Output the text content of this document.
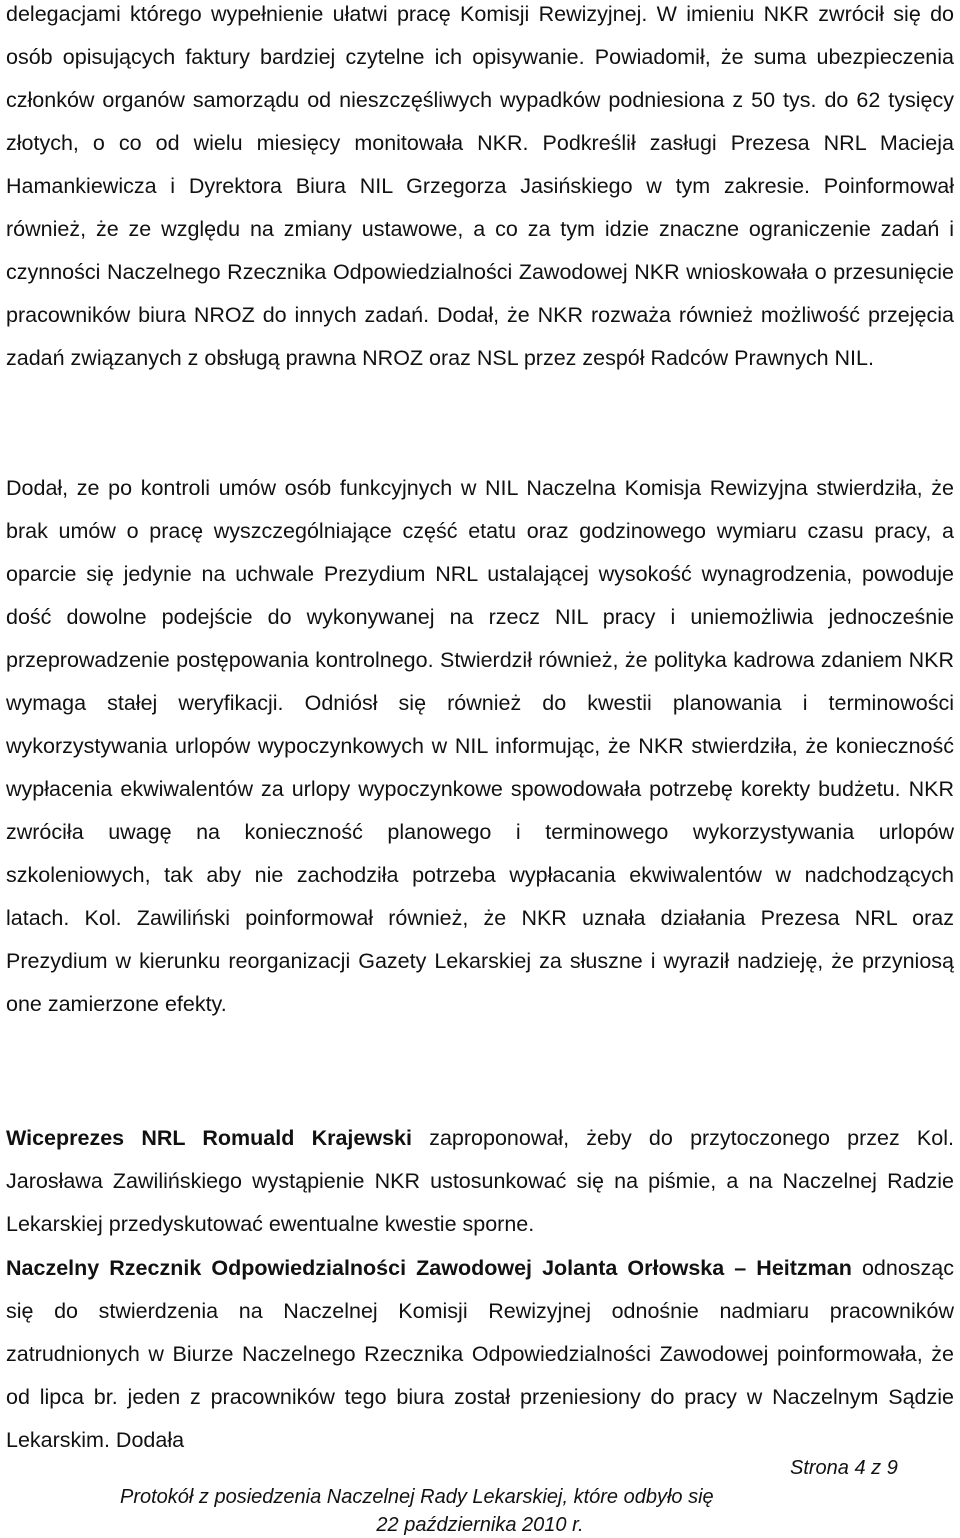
delegacjami którego wypełnienie ułatwi pracę Komisji Rewizyjnej. W imieniu NKR zwrócił się do osób opisujących faktury bardziej czytelne ich opisywanie. Powiadomił, że suma ubezpieczenia członków organów samorządu od nieszczęśliwych wypadków podniesiona z 50 tys. do 62 tysięcy złotych, o co od wielu miesięcy monitowała NKR. Podkreślił zasługi Prezesa NRL Macieja Hamankiewicza i Dyrektora Biura NIL Grzegorza Jasińskiego w tym zakresie. Poinformował również, że ze względu na zmiany ustawowe, a co za tym idzie znaczne ograniczenie zadań i czynności Naczelnego Rzecznika Odpowiedzialności Zawodowej NKR wnioskowała o przesunięcie pracowników biura NROZ do innych zadań. Dodał, że NKR rozważa również możliwość przejęcia zadań związanych z obsługą prawna NROZ oraz NSL przez zespół Radców Prawnych NIL.

Dodał, ze po kontroli umów osób funkcyjnych w NIL Naczelna Komisja Rewizyjna stwierdziła, że brak umów o pracę wyszczególniające część etatu oraz godzinowego wymiaru czasu pracy, a oparcie się jedynie na uchwale Prezydium NRL ustalającej wysokość wynagrodzenia, powoduje dość dowolne podejście do wykonywanej na rzecz NIL pracy i uniemożliwia jednocześnie przeprowadzenie postępowania kontrolnego. Stwierdził również, że polityka kadrowa zdaniem NKR wymaga stałej weryfikacji. Odniósł się również do kwestii planowania i terminowości wykorzystywania urlopów wypoczynkowych w NIL informując, że NKR stwierdziła, że konieczność wypłacenia ekwiwalentów za urlopy wypoczynkowe spowodowała potrzebę korekty budżetu. NKR zwróciła uwagę na konieczność planowego i terminowego wykorzystywania urlopów szkoleniowych, tak aby nie zachodziła potrzeba wypłacania ekwiwalentów w nadchodzących latach. Kol. Zawiliński poinformował również, że NKR uznała działania Prezesa NRL oraz Prezydium w kierunku reorganizacji Gazety Lekarskiej za słuszne i wyraził nadzieję, że przyniosą one zamierzone efekty.

Wiceprezes NRL Romuald Krajewski zaproponował, żeby do przytoczonego przez Kol. Jarosława Zawilińskiego wystąpienie NKR ustosunkować się na piśmie, a na Naczelnej Radzie Lekarskiej przedyskutować ewentualne kwestie sporne.

Naczelny Rzecznik Odpowiedzialności Zawodowej Jolanta Orłowska – Heitzman odnosząc się do stwierdzenia na Naczelnej Komisji Rewizyjnej odnośnie nadmiaru pracowników zatrudnionych w Biurze Naczelnego Rzecznika Odpowiedzialności Zawodowej poinformowała, że od lipca br. jeden z pracowników tego biura został przeniesiony do pracy w Naczelnym Sądzie Lekarskim. Dodała

Strona 4 z 9
Protokół z posiedzenia Naczelnej Rady Lekarskiej, które odbyło się
22 października 2010 r.
